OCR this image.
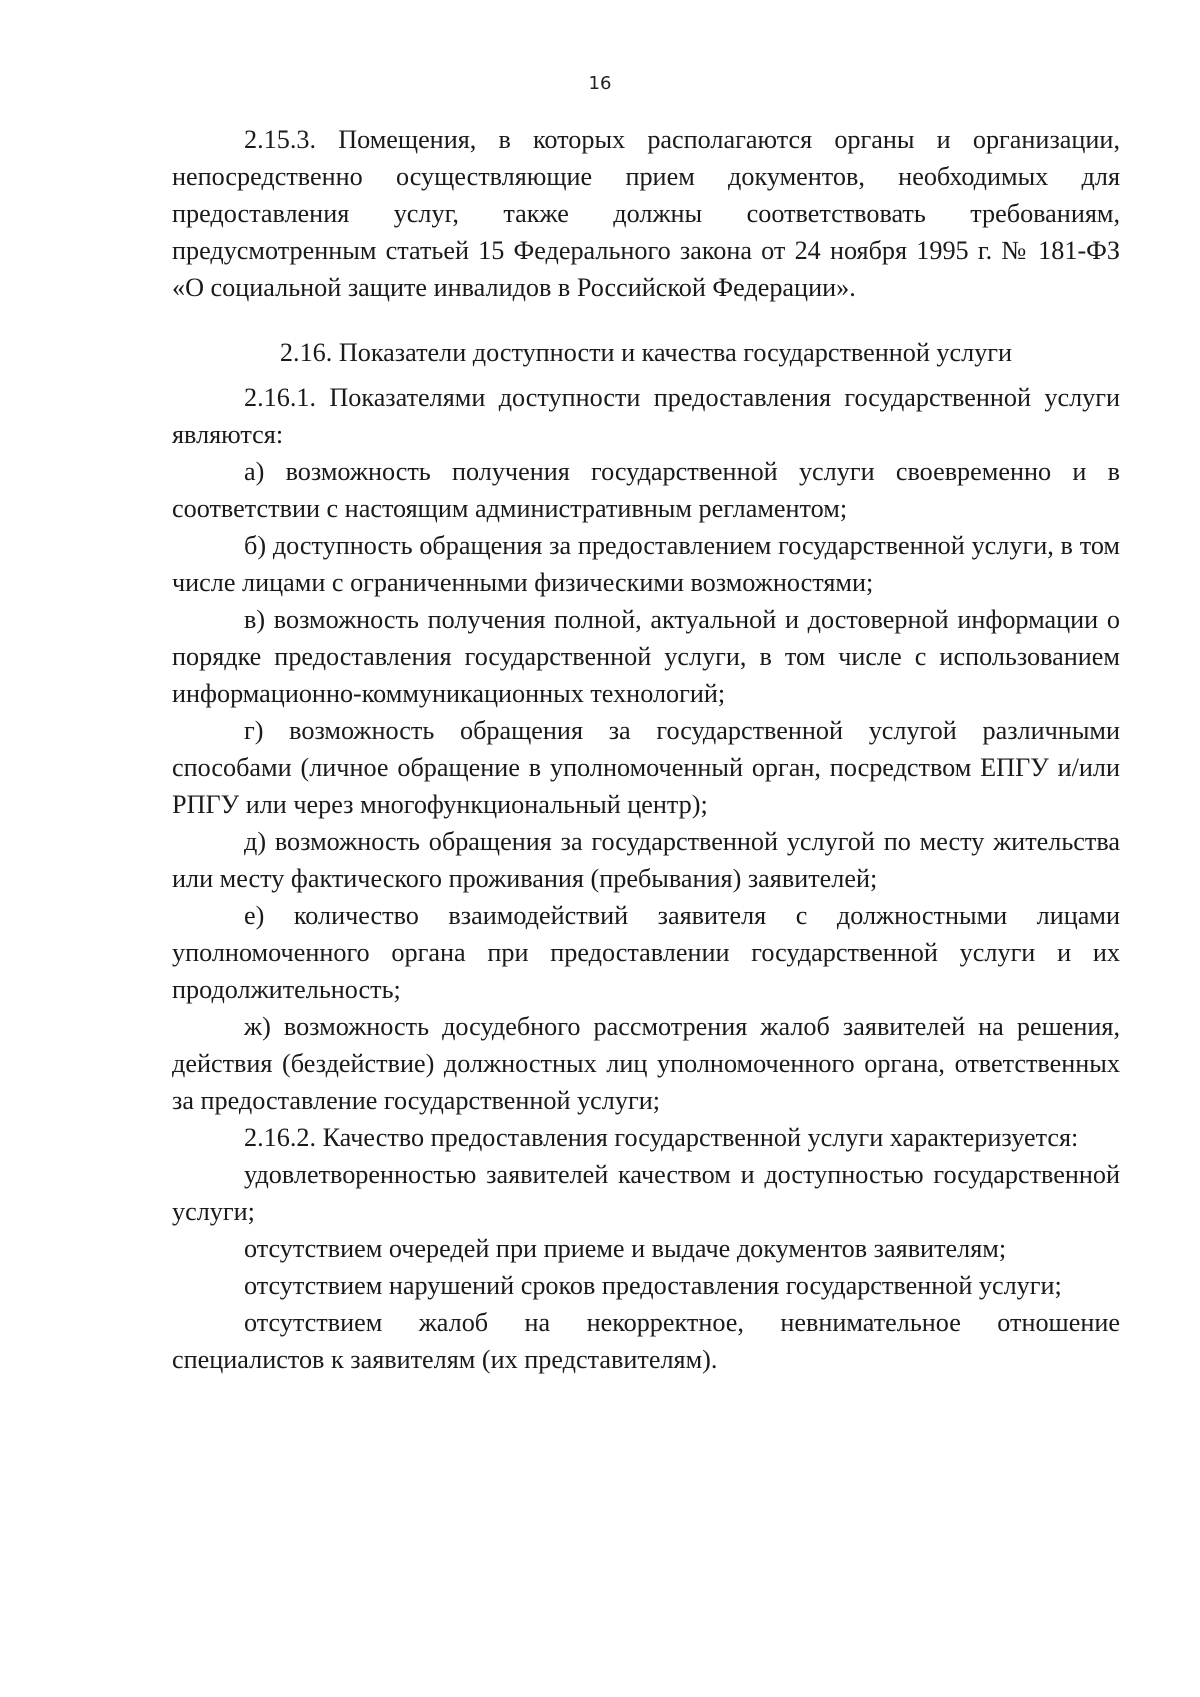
16

2.15.3. Помещения, в которых располагаются органы и организации, непосредственно осуществляющие прием документов, необходимых для предоставления услуг, также должны соответствовать требованиям, предусмотренным статьей 15 Федерального закона от 24 ноября 1995 г. № 181-ФЗ «О социальной защите инвалидов в Российской Федерации».

2.16. Показатели доступности и качества государственной услуги

2.16.1. Показателями доступности предоставления государственной услуги являются:

а) возможность получения государственной услуги своевременно и в соответствии с настоящим административным регламентом;

б) доступность обращения за предоставлением государственной услуги, в том числе лицами с ограниченными физическими возможностями;

в) возможность получения полной, актуальной и достоверной информации о порядке предоставления государственной услуги, в том числе с использованием информационно-коммуникационных технологий;

г) возможность обращения за государственной услугой различными способами (личное обращение в уполномоченный орган, посредством ЕПГУ и/или РПГУ или через многофункциональный центр);

д) возможность обращения за государственной услугой по месту жительства или месту фактического проживания (пребывания) заявителей;

е) количество взаимодействий заявителя с должностными лицами уполномоченного органа при предоставлении государственной услуги и их продолжительность;

ж) возможность досудебного рассмотрения жалоб заявителей на решения, действия (бездействие) должностных лиц уполномоченного органа, ответственных за предоставление государственной услуги;

2.16.2. Качество предоставления государственной услуги характеризуется:

удовлетворенностью заявителей качеством и доступностью государственной услуги;

отсутствием очередей при приеме и выдаче документов заявителям;

отсутствием нарушений сроков предоставления государственной услуги;

отсутствием жалоб на некорректное, невнимательное отношение специалистов к заявителям (их представителям).
